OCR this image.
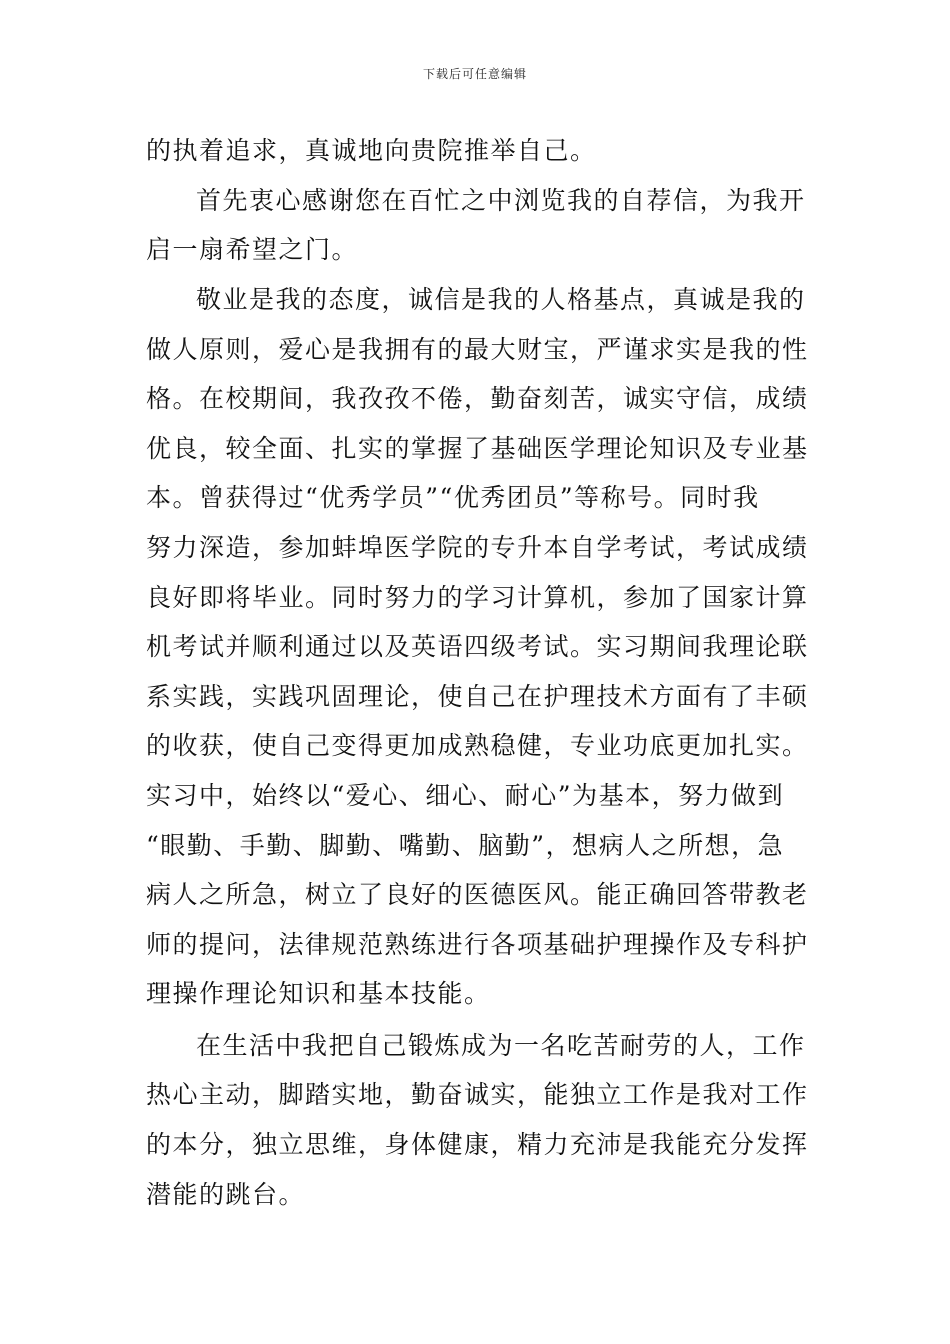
下载后可任意编辑
的执着追求，真诚地向贵院推举自己。
首先衷心感谢您在百忙之中浏览我的自荐信，为我开
启一扇希望之门。
敬业是我的态度，诚信是我的人格基点，真诚是我的
做人原则，爱心是我拥有的最大财宝，严谨求实是我的性
格。在校期间，我孜孜不倦，勤奋刻苦，诚实守信，成绩
优良，较全面、扎实的掌握了基础医学理论知识及专业基
本。曾获得过“优秀学员”“优秀团员”等称号。同时我
努力深造，参加蚌埠医学院的专升本自学考试，考试成绩
良好即将毕业。同时努力的学习计算机，参加了国家计算
机考试并顺利通过以及英语四级考试。实习期间我理论联
系实践，实践巩固理论，使自己在护理技术方面有了丰硕
的收获，使自己变得更加成熟稳健，专业功底更加扎实。
实习中，始终以“爱心、细心、耐心”为基本，努力做到
“眼勤、手勤、脚勤、嘴勤、脑勤”，想病人之所想，急
病人之所急，树立了良好的医德医风。能正确回答带教老
师的提问，法律规范熟练进行各项基础护理操作及专科护
理操作理论知识和基本技能。
在生活中我把自己锻炼成为一名吃苦耐劳的人，工作
热心主动，脚踏实地，勤奋诚实，能独立工作是我对工作
的本分，独立思维，身体健康，精力充沛是我能充分发挥
潜能的跳台。
